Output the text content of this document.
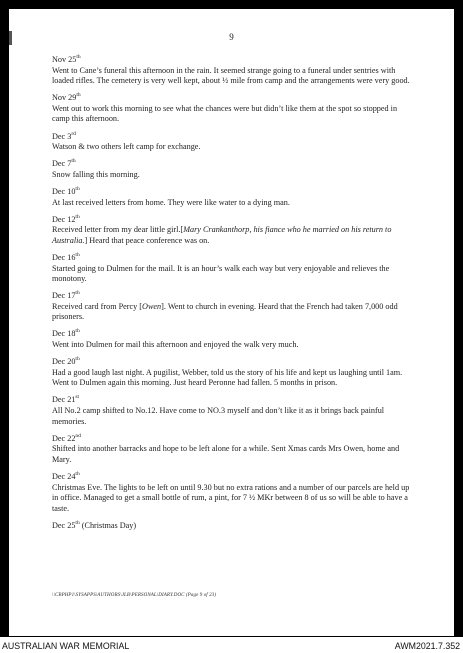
9
Nov 25th
Went to Cane’s funeral this afternoon in the rain. It seemed strange going to a funeral under sentries with loaded rifles. The cemetery is very well kept, about ½ mile from camp and the arrangements were very good.
Nov 29th
Went out to work this morning to see what the chances were but didn’t like them at the spot so stopped in camp this afternoon.
Dec 3rd
Watson & two others left camp for exchange.
Dec 7th
Snow falling this morning.
Dec 10th
At last received letters from home. They were like water to a dying man.
Dec 12th
Received letter from my dear little girl.[Mary Crankanthorp, his fiance who he married on his return to Australia.] Heard that peace conference was on.
Dec 16th
Started going to Dulmen for the mail. It is an hour’s walk each way but very enjoyable and relieves the monotony.
Dec 17th
Received card from Percy [Owen]. Went to church in evening. Heard that the French had taken 7,000 odd prisoners.
Dec 18th
Went into Dulmen for mail this afternoon and enjoyed the walk very much.
Dec 20th
Had a good laugh last night. A pugilist, Webber, told us the story of his life and kept us laughing until 1am. Went to Dulmen again this morning. Just heard Peronne had fallen. 5 months in prison.
Dec 21st
All No.2 camp shifted to No.12. Have come to NO.3 myself and don’t like it as it brings back painful memories.
Dec 22nd
Shifted into another barracks and hope to be left alone for a while. Sent Xmas cards Mrs Owen, home and Mary.
Dec 24th
Christmas Eve. The lights to be left on until 9.30 but no extra rations and a number of our parcels are held up in office. Managed to get a small bottle of rum, a pint, for 7 ½ MKr between 8 of us so will be able to have a taste.
Dec 25th (Christmas Day)
\\CBPHP1\SYSAPPS\AUTHORS\JLB\PERSONAL\DIARY.DOC (Page 9 of 23)
AUSTRALIAN WAR MEMORIAL	AWM2021.7.352
